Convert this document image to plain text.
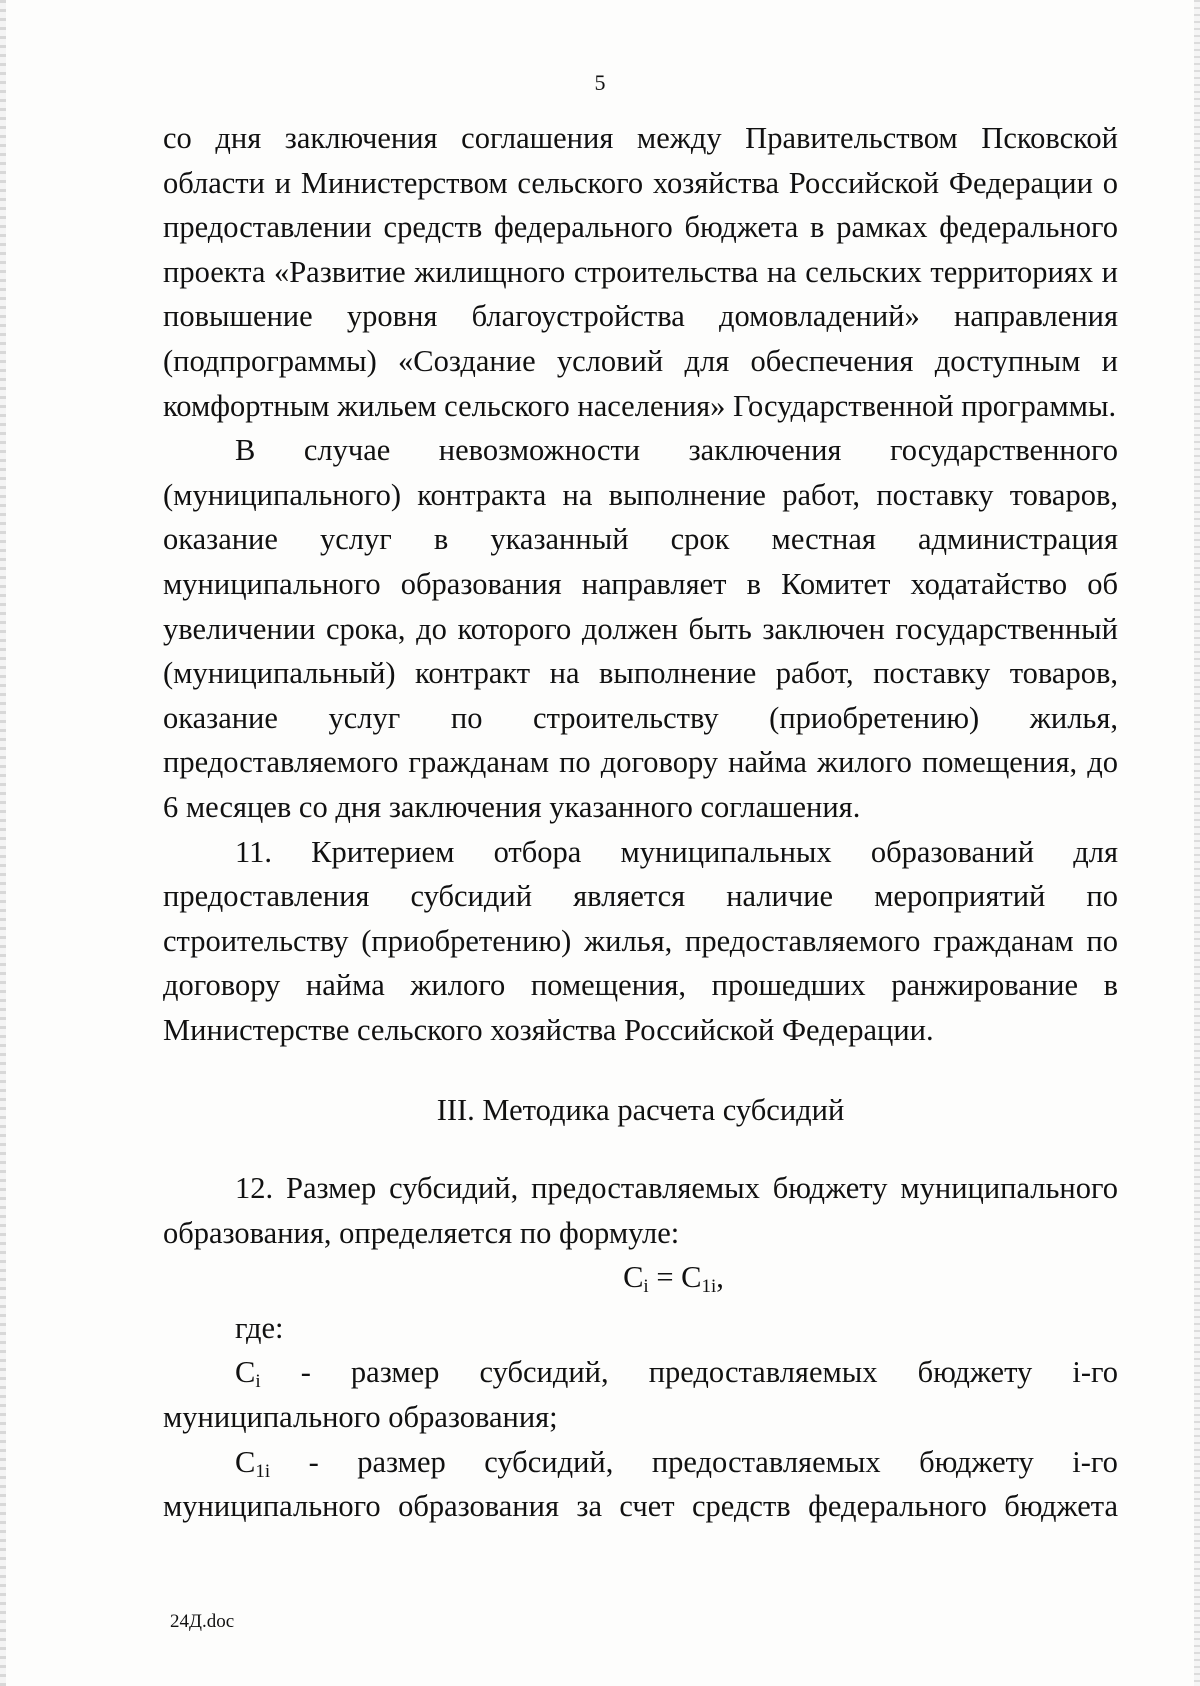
5

со дня заключения соглашения между Правительством Псковской области и Министерством сельского хозяйства Российской Федерации о предоставлении средств федерального бюджета в рамках федерального проекта «Развитие жилищного строительства на сельских территориях и повышение уровня благоустройства домовладений» направления (подпрограммы) «Создание условий для обеспечения доступным и комфортным жильем сельского населения» Государственной программы.

В случае невозможности заключения государственного (муниципального) контракта на выполнение работ, поставку товаров, оказание услуг в указанный срок местная администрация муниципального образования направляет в Комитет ходатайство об увеличении срока, до которого должен быть заключен государственный (муниципальный) контракт на выполнение работ, поставку товаров, оказание услуг по строительству (приобретению) жилья, предоставляемого гражданам по договору найма жилого помещения, до 6 месяцев со дня заключения указанного соглашения.

11. Критерием отбора муниципальных образований для предоставления субсидий является наличие мероприятий по строительству (приобретению) жилья, предоставляемого гражданам по договору найма жилого помещения, прошедших ранжирование в Министерстве сельского хозяйства Российской Федерации.

III. Методика расчета субсидий

12. Размер субсидий, предоставляемых бюджету муниципального образования, определяется по формуле:

$C_i = C_{1i}$,

где:

$C_i$ - размер субсидий, предоставляемых бюджету i-го

муниципального образования;

$C_{1i}$ - размер субсидий, предоставляемых бюджету i-го

муниципального образования за счет средств федерального бюджета

24Д.doc
